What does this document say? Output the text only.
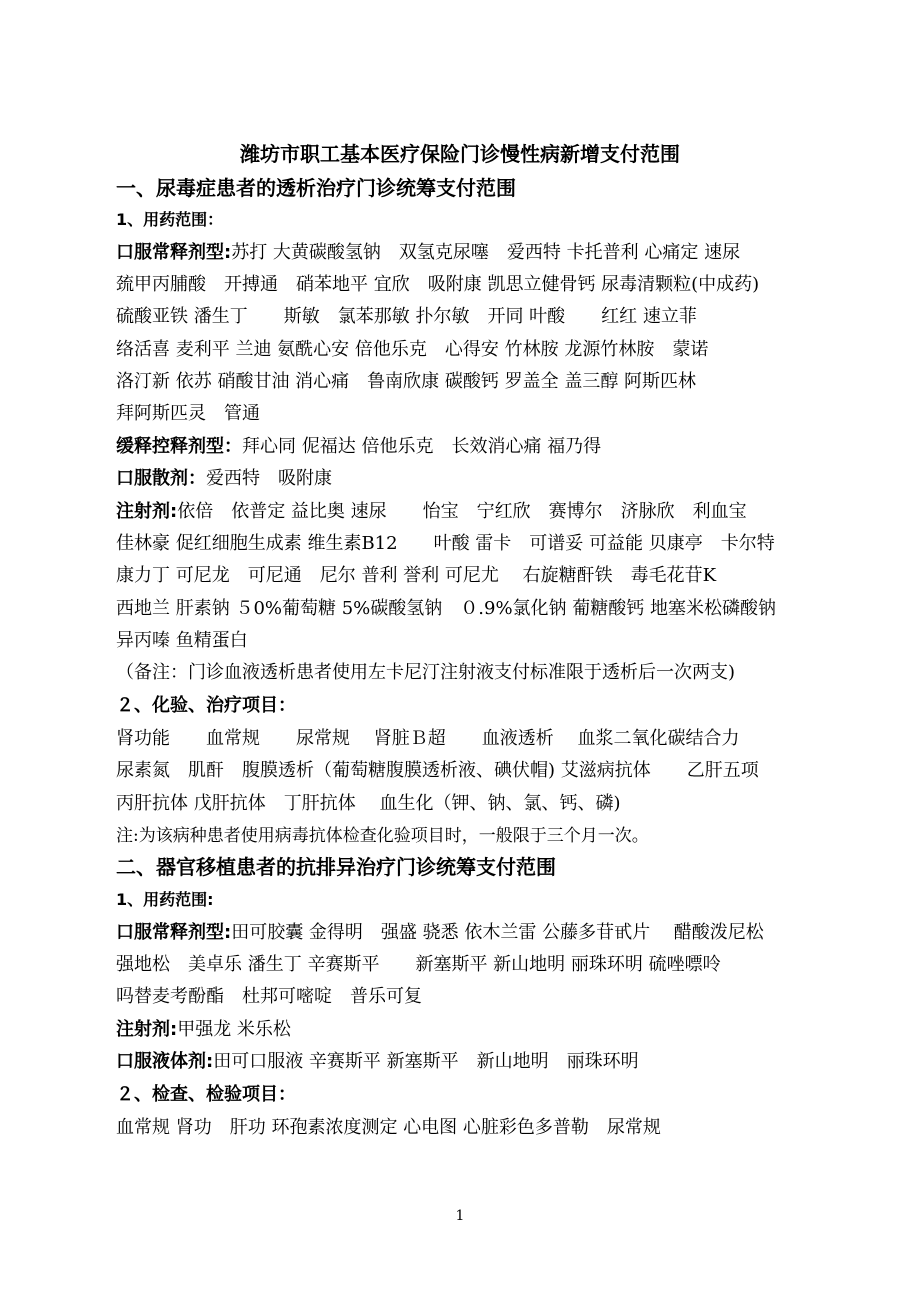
潍坊市职工基本医疗保险门诊慢性病新增支付范围
一、尿毒症患者的透析治疗门诊统筹支付范围
1、用药范围：
口服常释剂型:苏打 大黄碳酸氢钠　双氢克尿噻　爱西特 卡托普利 心痛定 速尿
巯甲丙脯酸　开搏通　硝苯地平 宜欣　吸附康 凯思立健骨钙 尿毒清颗粒(中成药)
硫酸亚铁 潘生丁　　斯敏　氯苯那敏 扑尔敏　开同 叶酸　　红红 速立菲
络活喜 麦利平 兰迪 氨酰心安 倍他乐克　心得安 竹林胺 龙源竹林胺　蒙诺
洛汀新 依苏 硝酸甘油 消心痛　鲁南欣康 碳酸钙 罗盖全 盖三醇 阿斯匹林
拜阿斯匹灵　管通
缓释控释剂型：拜心同 伲福达 倍他乐克　长效消心痛 福乃得
口服散剂：爱西特　吸附康
注射剂:依倍　依普定 益比奥 速尿　　怡宝　宁红欣　赛博尔　济脉欣　利血宝
佳林豪 促红细胞生成素 维生素B12　　叶酸 雷卡　可谱妥 可益能 贝康亭　卡尔特
康力丁 可尼龙　可尼通　尼尔 普利 誉利 可尼尤　 右旋糖酐铁　毒毛花苷K
西地兰 肝素钠 ５0%葡萄糖 5%碳酸氢钠　０.9%氯化钠 葡糖酸钙 地塞米松磷酸钠
异丙嗪 鱼精蛋白
（备注：门诊血液透析患者使用左卡尼汀注射液支付标准限于透析后一次两支)
２、化验、治疗项目：
肾功能　　血常规　　尿常规　 肾脏Ｂ超　　血液透析　 血浆二氧化碳结合力
尿素氮　肌酐　腹膜透析（葡萄糖腹膜透析液、碘伏帽) 艾滋病抗体　　乙肝五项
丙肝抗体 戊肝抗体　丁肝抗体　 血生化（钾、钠、氯、钙、磷)
注:为该病种患者使用病毒抗体检查化验项目时，一般限于三个月一次。
二、器官移植患者的抗排异治疗门诊统筹支付范围
1、用药范围:
口服常释剂型:田可胶囊 金得明　强盛 骁悉 依木兰雷 公藤多苷甙片　 醋酸泼尼松
强地松　美卓乐 潘生丁 辛赛斯平　　新塞斯平 新山地明 丽珠环明 硫唑嘌呤
吗替麦考酚酯　杜邦可嘧啶　普乐可复
注射剂:甲强龙 米乐松
口服液体剂:田可口服液 辛赛斯平 新塞斯平　新山地明　丽珠环明
２、检查、检验项目：
血常规 肾功　肝功 环孢素浓度测定 心电图 心脏彩色多普勒　尿常规
1
